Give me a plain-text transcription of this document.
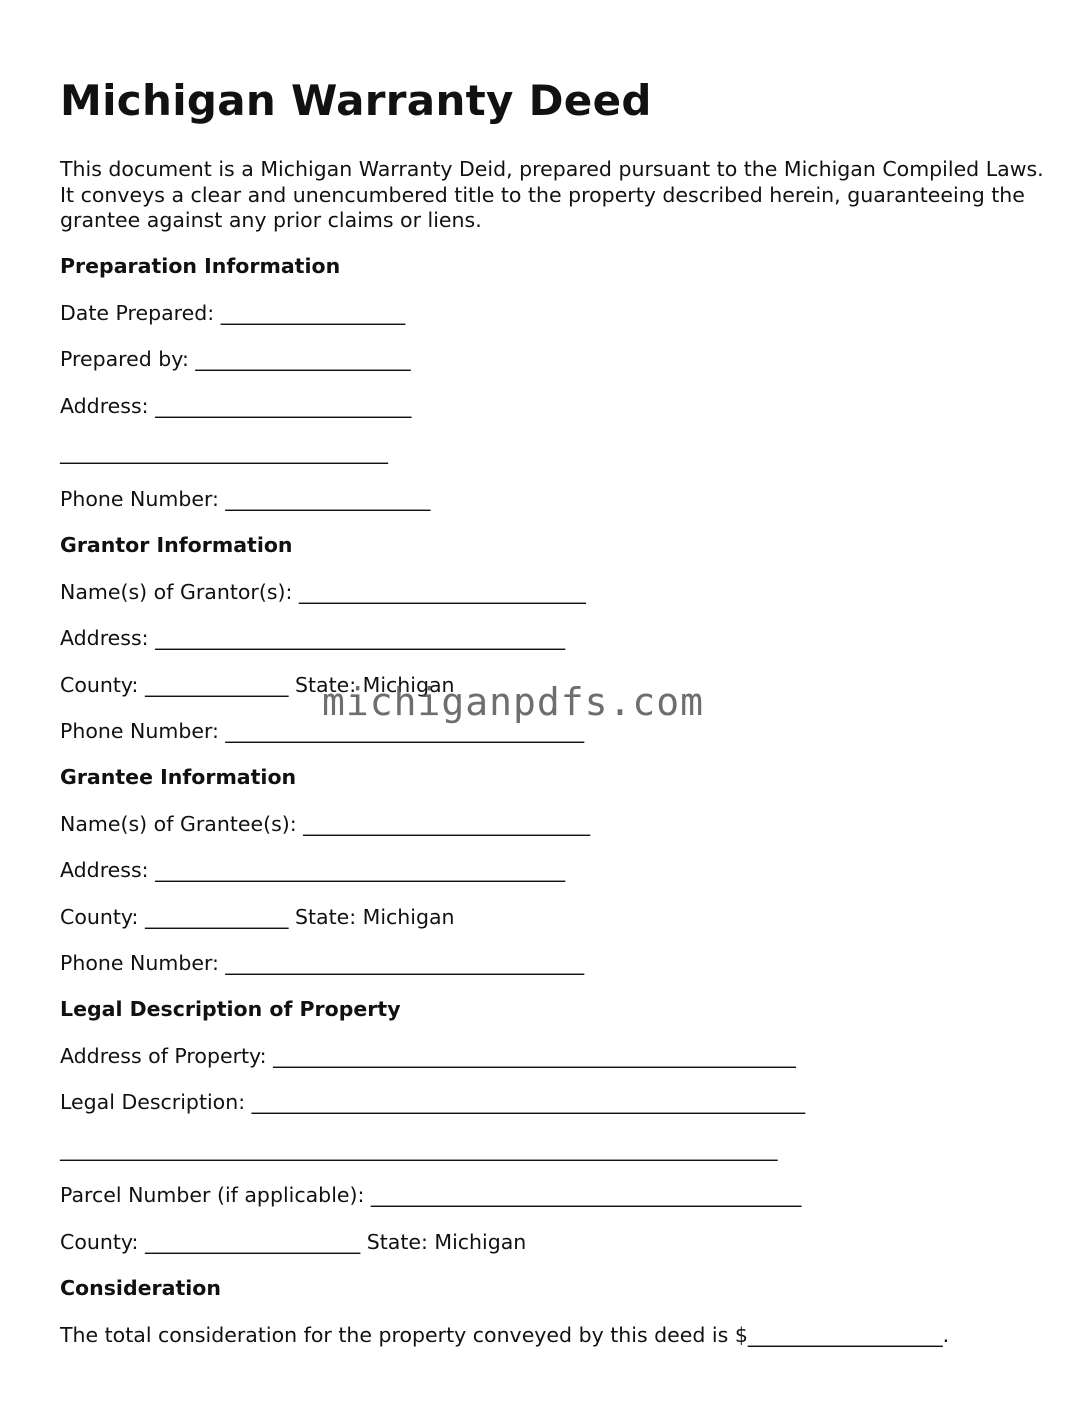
Michigan Warranty Deed

This document is a Michigan Warranty Deid, prepared pursuant to the Michigan Compiled Laws. It conveys a clear and unencumbered title to the property described herein, guaranteeing the grantee against any prior claims or liens.

Preparation Information
Date Prepared: __________________
Prepared by: _____________________
Address: _________________________
________________________________
Phone Number: ____________________
Grantor Information
Name(s) of Grantor(s): ____________________________
Address: ________________________________________
County: ______________ State: Michigan
Phone Number: ___________________________________
Grantee Information
Name(s) of Grantee(s): ____________________________
Address: ________________________________________
County: ______________ State: Michigan
Phone Number: ___________________________________
Legal Description of Property
Address of Property: ___________________________________________________
Legal Description: ______________________________________________________
______________________________________________________________________
Parcel Number (if applicable): __________________________________________
County: _____________________ State: Michigan
Consideration
The total consideration for the property conveyed by this deed is $___________________.
michiganpdfs.com
